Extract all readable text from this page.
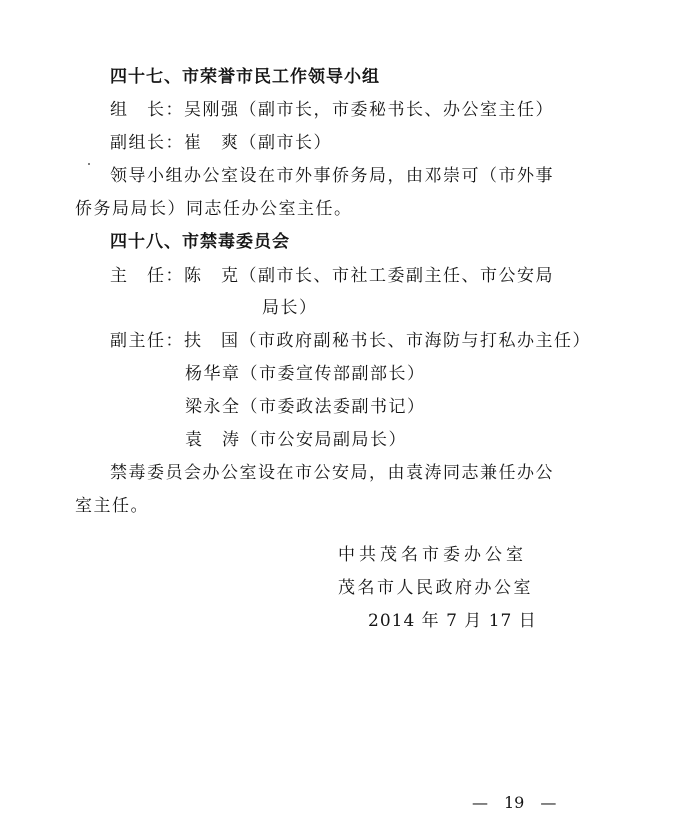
四十七、市荣誉市民工作领导小组
组　长：吴刚强（副市长，市委秘书长、办公室主任）
副组长：崔　爽（副市长）
领导小组办公室设在市外事侨务局，由邓崇可（市外事
侨务局局长）同志任办公室主任。
四十八、市禁毒委员会
主　任：陈　克（副市长、市社工委副主任、市公安局
局长）
副主任：扶　国（市政府副秘书长、市海防与打私办主任）
杨华章（市委宣传部副部长）
梁永全（市委政法委副书记）
袁　涛（市公安局副局长）
禁毒委员会办公室设在市公安局，由袁涛同志兼任办公
室主任。
中共茂名市委办公室
茂名市人民政府办公室
2014 年 7 月 17 日
—　19　—
